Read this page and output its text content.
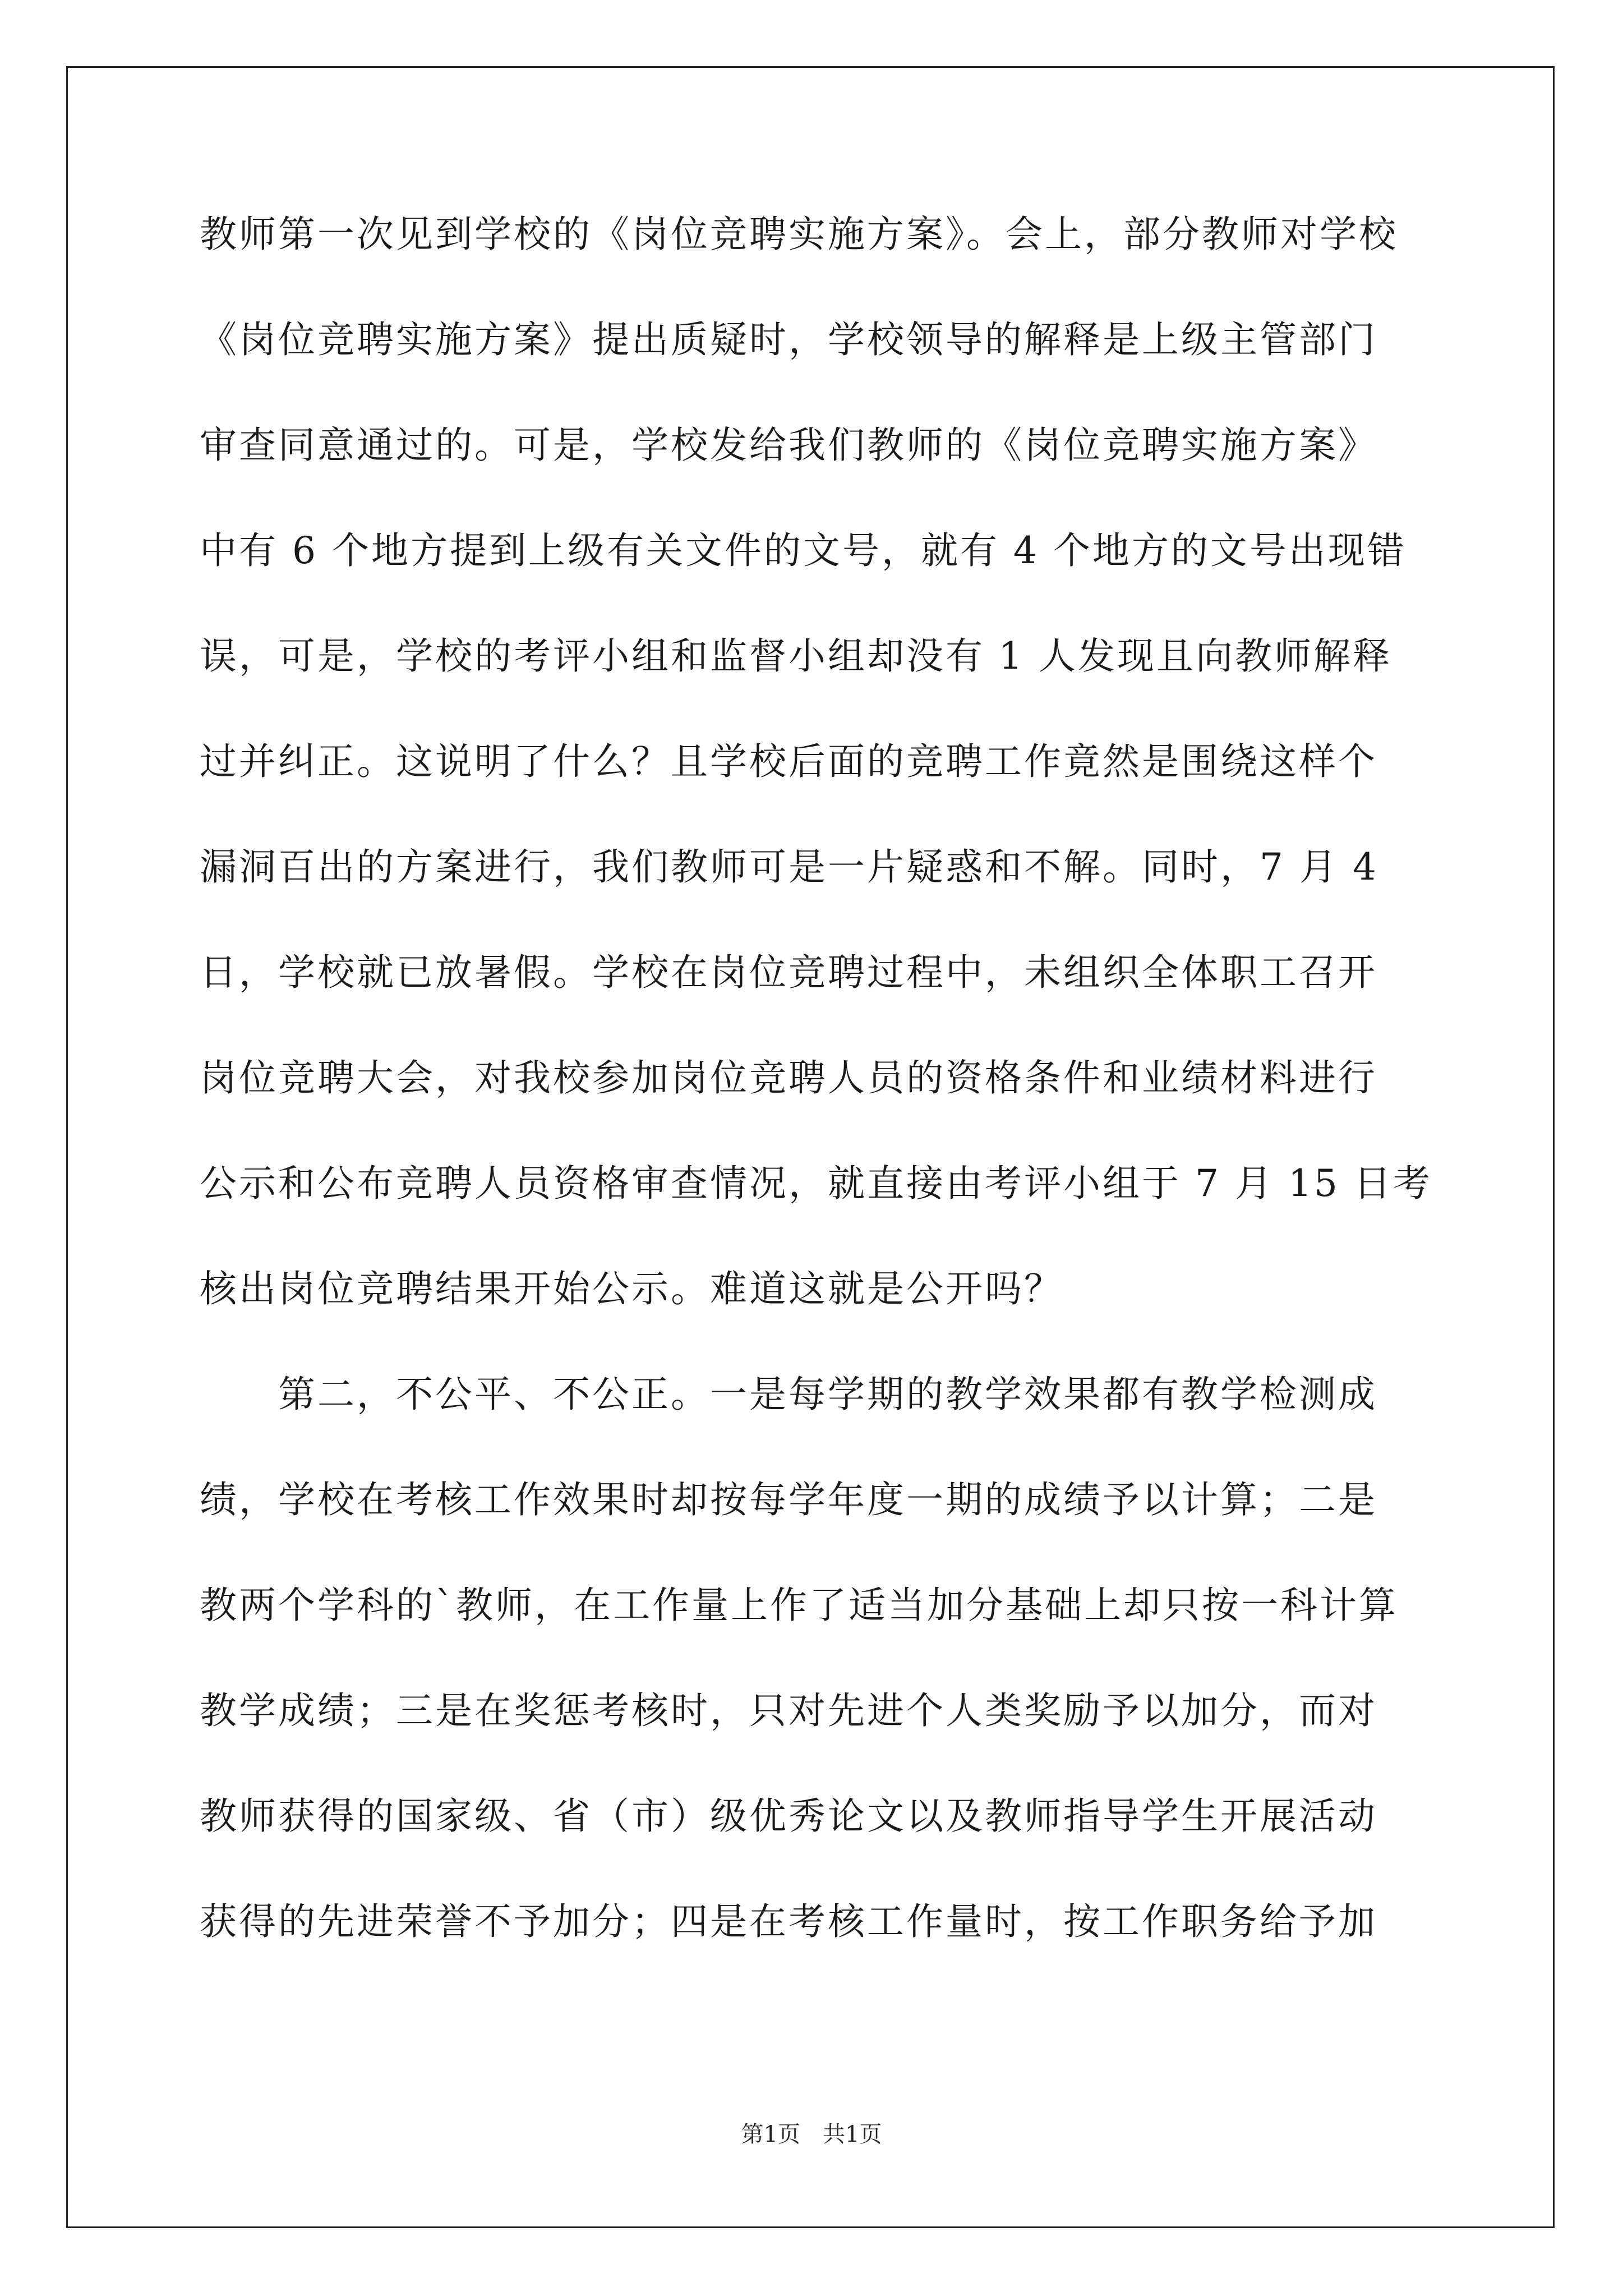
教师第一次见到学校的《岗位竞聘实施方案》。会上，部分教师对学校
《岗位竞聘实施方案》提出质疑时，学校领导的解释是上级主管部门
审查同意通过的。可是，学校发给我们教师的《岗位竞聘实施方案》
中有 6 个地方提到上级有关文件的文号，就有 4 个地方的文号出现错
误，可是，学校的考评小组和监督小组却没有 1 人发现且向教师解释
过并纠正。这说明了什么？且学校后面的竞聘工作竟然是围绕这样个
漏洞百出的方案进行，我们教师可是一片疑惑和不解。同时，7 月 4
日，学校就已放暑假。学校在岗位竞聘过程中，未组织全体职工召开
岗位竞聘大会，对我校参加岗位竞聘人员的资格条件和业绩材料进行
公示和公布竞聘人员资格审查情况，就直接由考评小组于 7 月 15 日考
核出岗位竞聘结果开始公示。难道这就是公开吗？
第二，不公平、不公正。一是每学期的教学效果都有教学检测成
绩，学校在考核工作效果时却按每学年度一期的成绩予以计算；二是
教两个学科的`教师，在工作量上作了适当加分基础上却只按一科计算
教学成绩；三是在奖惩考核时，只对先进个人类奖励予以加分，而对
教师获得的国家级、省（市）级优秀论文以及教师指导学生开展活动
获得的先进荣誉不予加分；四是在考核工作量时，按工作职务给予加
第1页　共1页
